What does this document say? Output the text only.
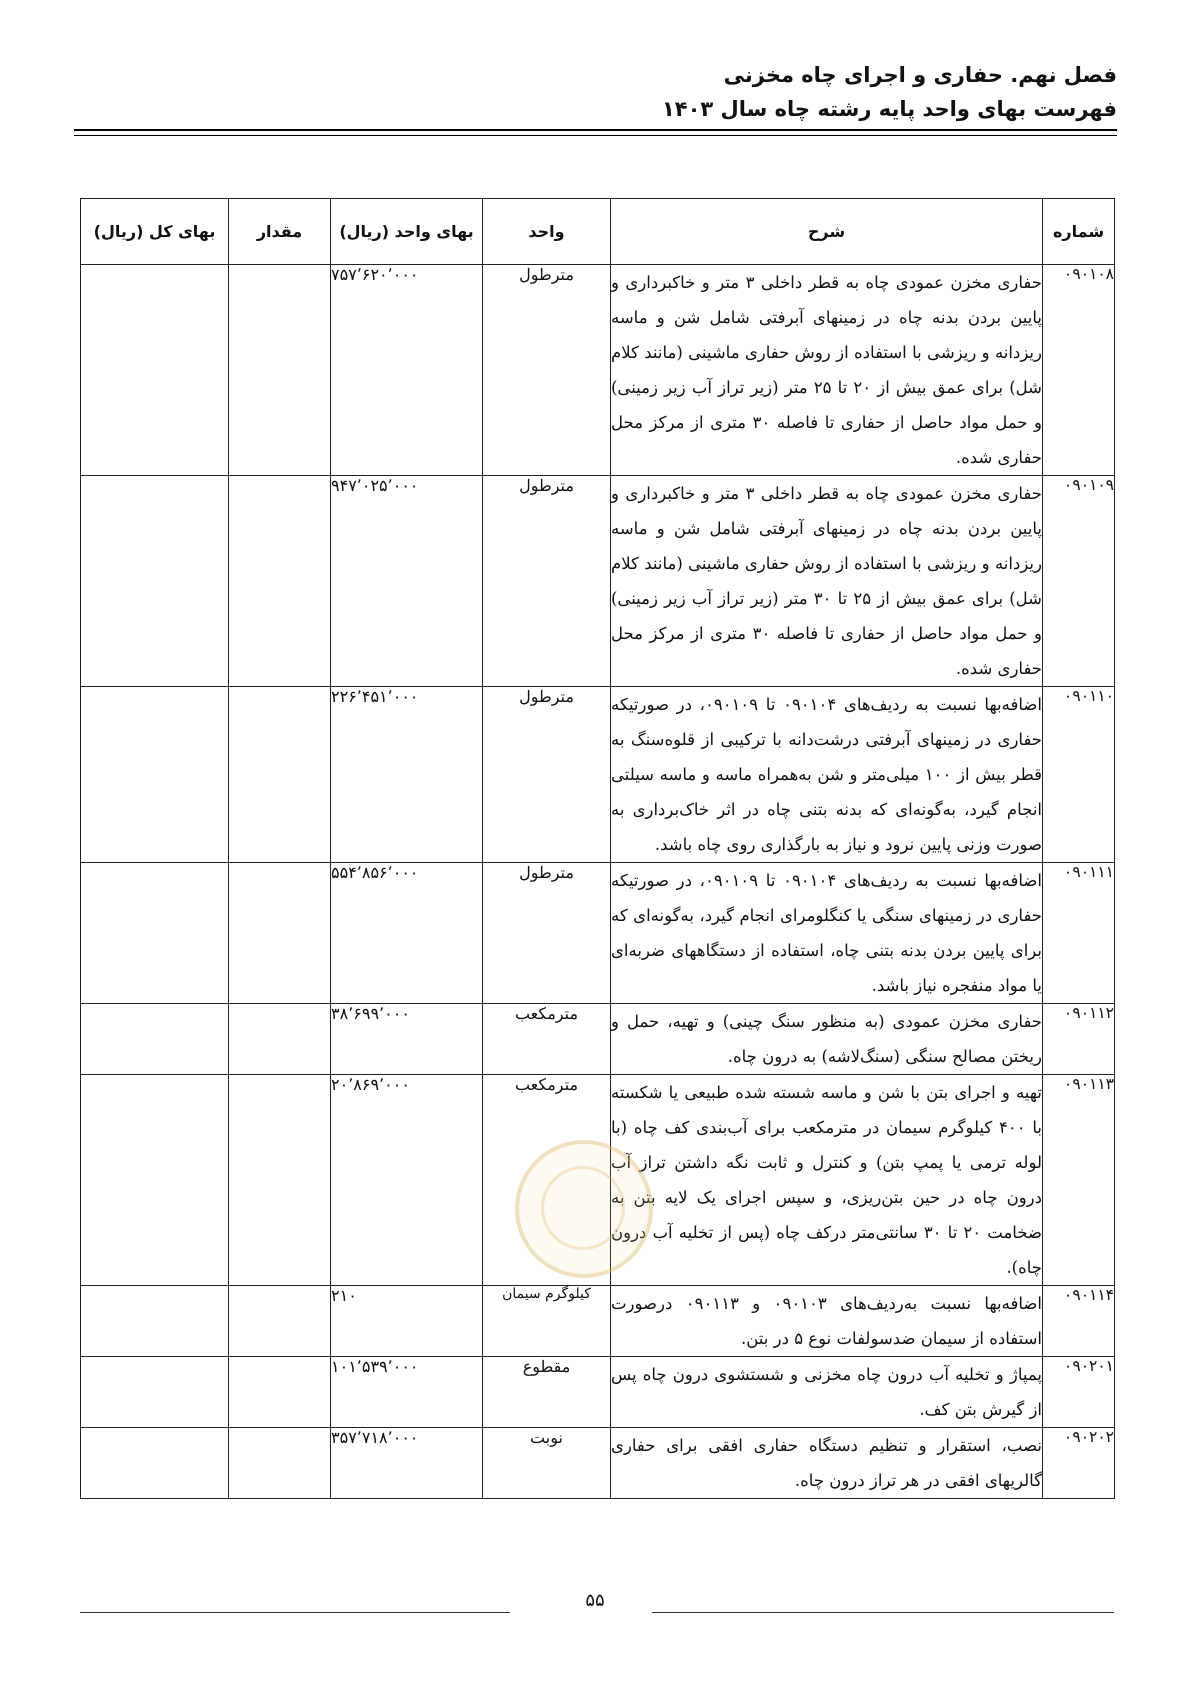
فصل نهم. حفاری و اجرای چاه مخزنی
فهرست بهای واحد پایه رشته چاه سال ۱۴۰۳
شماره	شرح	واحد	بهای واحد (ریال)	مقدار	بهای کل (ریال)
۰۹۰۱۰۸	حفاری مخزن عمودی چاه به قطر داخلی ۳ متر و خاکبرداری و پایین بردن بدنه چاه در زمینهای آبرفتی شامل شن و ماسه ریزدانه و ریزشی با استفاده از روش حفاری ماشینی (مانند کلام شل) برای عمق بیش از ۲۰ تا ۲۵ متر (زیر تراز آب زیر زمینی) و حمل مواد حاصل از حفاری تا فاصله ۳۰ متری از مرکز محل حفاری شده.	مترطول	۷۵۷٬۶۲۰٬۰۰۰		
۰۹۰۱۰۹	حفاری مخزن عمودی چاه به قطر داخلی ۳ متر و خاکبرداری و پایین بردن بدنه چاه در زمینهای آبرفتی شامل شن و ماسه ریزدانه و ریزشی با استفاده از روش حفاری ماشینی (مانند کلام شل) برای عمق بیش از ۲۵ تا ۳۰ متر (زیر تراز آب زیر زمینی) و حمل مواد حاصل از حفاری تا فاصله ۳۰ متری از مرکز محل حفاری شده.	مترطول	۹۴۷٬۰۲۵٬۰۰۰		
۰۹۰۱۱۰	اضافه‌بها نسبت به ردیف‌های ۰۹۰۱۰۴ تا ۰۹۰۱۰۹، در صورتیکه حفاری در زمینهای آبرفتی درشت‌دانه با ترکیبی از قلوه‌سنگ به قطر بیش از ۱۰۰ میلی‌متر و شن به‌همراه ماسه و ماسه سیلتی انجام گیرد، به‌گونه‌ای که بدنه بتنی چاه در اثر خاک‌برداری به صورت وزنی پایین نرود و نیاز به بارگذاری روی چاه باشد.	مترطول	۲۲۶٬۴۵۱٬۰۰۰		
۰۹۰۱۱۱	اضافه‌بها نسبت به ردیف‌های ۰۹۰۱۰۴ تا ۰۹۰۱۰۹، در صورتیکه حفاری در زمینهای سنگی یا کنگلومرای انجام گیرد، به‌گونه‌ای که برای پایین بردن بدنه بتنی چاه، استفاده از دستگاههای ضربه‌ای یا مواد منفجره نیاز باشد.	مترطول	۵۵۴٬۸۵۶٬۰۰۰		
۰۹۰۱۱۲	حفاری مخزن عمودی (به منظور سنگ چینی) و تهیه، حمل و ریختن مصالح سنگی (سنگ‌لاشه) به درون چاه.	مترمکعب	۳۸٬۶۹۹٬۰۰۰		
۰۹۰۱۱۳	تهیه و اجرای بتن با شن و ماسه شسته شده طبیعی یا شکسته با ۴۰۰ کیلوگرم سیمان در مترمکعب برای آب‌بندی کف چاه (با لوله ترمی یا پمپ بتن) و کنترل و ثابت نگه داشتن تراز آب درون چاه در حین بتن‌ریزی، و سپس اجرای یک لایه بتن به ضخامت ۲۰ تا ۳۰ سانتی‌متر درکف چاه (پس از تخلیه آب درون چاه).	مترمکعب	۲۰٬۸۶۹٬۰۰۰		
۰۹۰۱۱۴	اضافه‌بها نسبت به‌ردیف‌های ۰۹۰۱۰۳ و ۰۹۰۱۱۳ درصورت استفاده از سیمان ضدسولفات نوع ۵ در بتن.	کیلوگرم سیمان	۲۱۰		
۰۹۰۲۰۱	پمپاژ و تخلیه آب درون چاه مخزنی و شستشوی درون چاه پس از گیرش بتن کف.	مقطوع	۱۰۱٬۵۳۹٬۰۰۰		
۰۹۰۲۰۲	نصب، استقرار و تنظیم دستگاه حفاری افقی برای حفاری گالریهای افقی در هر تراز درون چاه.	نوبت	۳۵۷٬۷۱۸٬۰۰۰		
۵۵
